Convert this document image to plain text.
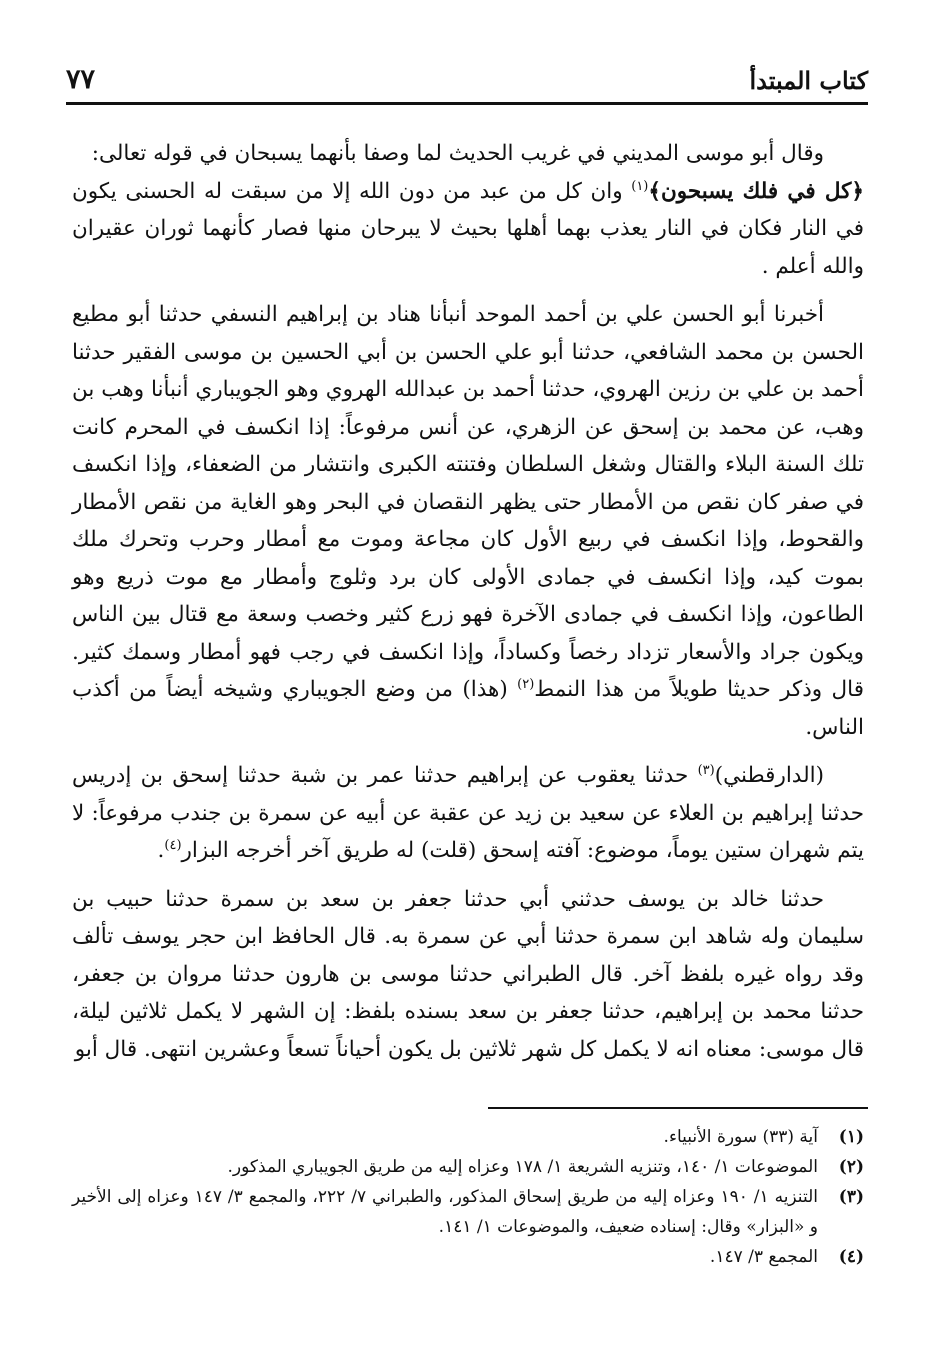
كتاب المبتدأ
٧٧

وقال أبو موسى المديني في غريب الحديث لما وصفا بأنهما يسبحان في قوله تعالى:
﴿كل في فلك يسبحون﴾$^{(١)}$ وان كل من عبد من دون الله إلا من سبقت له الحسنى يكون في النار فكان في النار يعذب بهما أهلها بحيث لا يبرحان منها فصار كأنهما ثوران عقيران والله أعلم .

أخبرنا أبو الحسن علي بن أحمد الموحد أنبأنا هناد بن إبراهيم النسفي حدثنا أبو مطيع الحسن بن محمد الشافعي، حدثنا أبو علي الحسن بن أبي الحسين بن موسى الفقير حدثنا أحمد بن علي بن رزين الهروي، حدثنا أحمد بن عبدالله الهروي وهو الجويباري أنبأنا وهب بن وهب، عن محمد بن إسحق عن الزهري، عن أنس مرفوعاً: إذا انكسف في المحرم كانت تلك السنة البلاء والقتال وشغل السلطان وفتنته الكبرى وانتشار من الضعفاء، وإذا انكسف في صفر كان نقص من الأمطار حتى يظهر النقصان في البحر وهو الغاية من نقص الأمطار والقحوط، وإذا انكسف في ربيع الأول كان مجاعة وموت مع أمطار وحرب وتحرك ملك بموت كيد، وإذا انكسف في جمادى الأولى كان برد وثلوج وأمطار مع موت ذريع وهو الطاعون، وإذا انكسف في جمادى الآخرة فهو زرع كثير وخصب وسعة مع قتال بين الناس ويكون جراد والأسعار تزداد رخصاً وكساداً، وإذا انكسف في رجب فهو أمطار وسمك كثير. قال وذكر حديثا طويلاً من هذا النمط$^{(٢)}$ (هذا) من وضع الجويباري وشيخه أيضاً من أكذب الناس.

(الدارقطني)$^{(٣)}$ حدثنا يعقوب عن إبراهيم حدثنا عمر بن شبة حدثنا إسحق بن إدريس حدثنا إبراهيم بن العلاء عن سعيد بن زيد عن عقبة عن أبيه عن سمرة بن جندب مرفوعاً: لا يتم شهران ستين يوماً، موضوع: آفته إسحق (قلت) له طريق آخر أخرجه البزار$^{(٤)}$.

حدثنا خالد بن يوسف حدثني أبي حدثنا جعفر بن سعد بن سمرة حدثنا حبيب بن سليمان وله شاهد ابن سمرة حدثنا أبي عن سمرة به. قال الحافظ ابن حجر يوسف تألف وقد رواه غيره بلفظ آخر. قال الطبراني حدثنا موسى بن هارون حدثنا مروان بن جعفر، حدثنا محمد بن إبراهيم، حدثنا جعفر بن سعد بسنده بلفظ: إن الشهر لا يكمل ثلاثين ليلة، قال موسى: معناه انه لا يكمل كل شهر ثلاثين بل يكون أحياناً تسعاً وعشرين انتهى. قال أبو

(١)
آية (٣٣) سورة الأنبياء.
(٢)
الموضوعات ١/ ١٤٠، وتنزيه الشريعة ١/ ١٧٨ وعزاه إليه من طريق الجويباري المذكور.
(٣)
التنزيه ١/ ١٩٠ وعزاه إليه من طريق إسحاق المذكور، والطبراني ٧/ ٢٢٢، والمجمع ٣/ ١٤٧ وعزاه إلى الأخير و «البزار» وقال: إسناده ضعيف، والموضوعات ١/ ١٤١.
(٤)
المجمع ٣/ ١٤٧.
